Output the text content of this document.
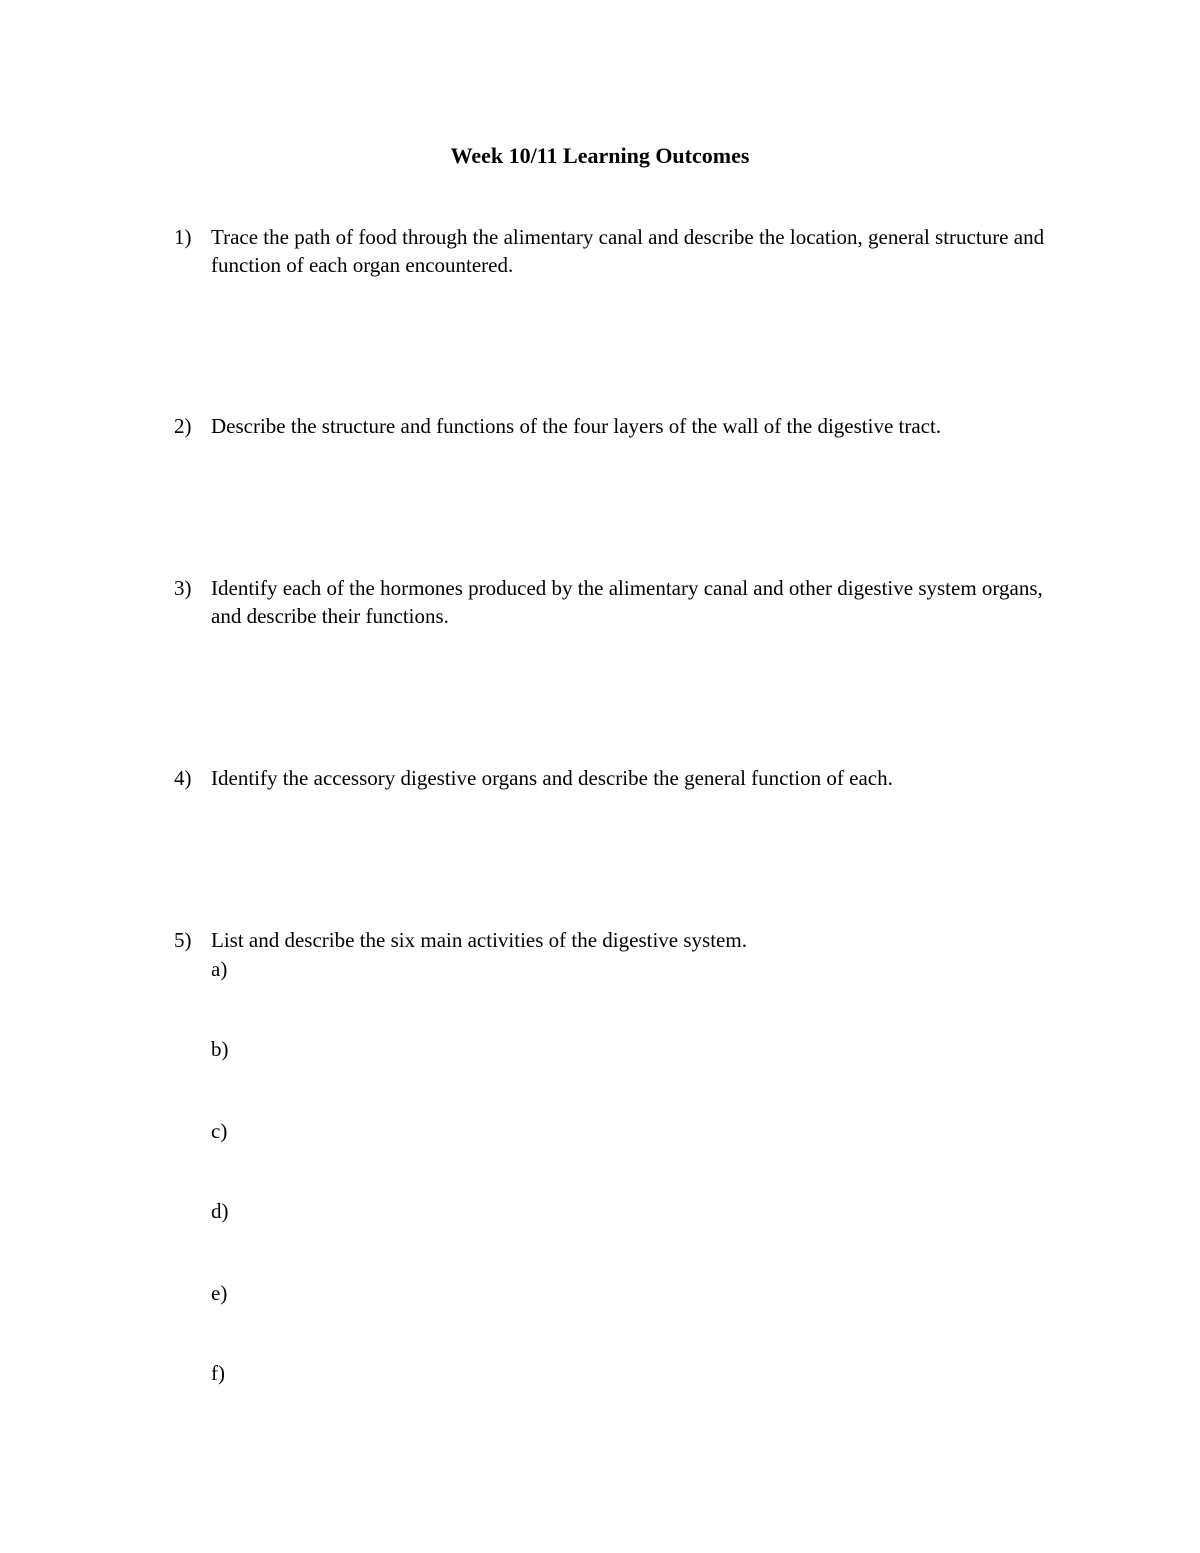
Week 10/11 Learning Outcomes
1) Trace the path of food through the alimentary canal and describe the location, general structure and function of each organ encountered.
2) Describe the structure and functions of the four layers of the wall of the digestive tract.
3) Identify each of the hormones produced by the alimentary canal and other digestive system organs, and describe their functions.
4) Identify the accessory digestive organs and describe the general function of each.
5) List and describe the six main activities of the digestive system.
a)
b)
c)
d)
e)
f)
